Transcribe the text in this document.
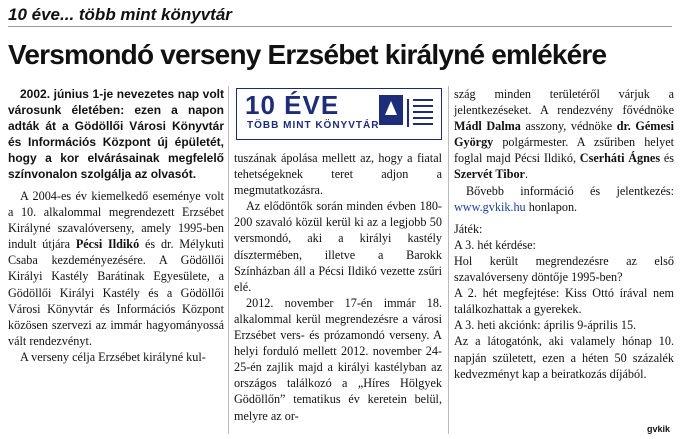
10 éve... több mint könyvtár
Versmondó verseny Erzsébet királyné emlékére

2002. június 1-je nevezetes nap volt városunk életében: ezen a napon adták át a Gödöllői Városi Könyvtár és Információs Központ új épületét, hogy a kor elvárásainak megfelelő színvonalon szolgálja az olvasót.

A 2004-es év kiemelkedő eseménye volt a 10. alkalommal megrendezett Erzsébet Királyné szavalóverseny, amely 1995-ben indult útjára Pécsi Ildikó és dr. Mélykuti Csaba kezdeményezésére. A Gödöllői Királyi Kastély Barátinak Egyesülete, a Gödöllői Királyi Kastély és a Gödöllői Városi Könyvtár és Információs Központ közösen szervezi az immár hagyományossá vált rendezvényt.

A verseny célja Erzsébet királyné kul-

10 ÉVE
TÖBB MINT KÖNYVTÁR

tuszának ápolása mellett az, hogy a fiatal tehetségeknek teret adjon a megmutatkozásra.

Az elődöntők során minden évben 180-200 szavaló közül kerül ki az a legjobb 50 versmondó, aki a királyi kastély dísztermében, illetve a Barokk Színházban áll a Pécsi Ildikó vezette zsűri elé.

2012. november 17-én immár 18. alkalommal kerül megrendezésre a városi Erzsébet vers- és prózamondó verseny. A helyi forduló mellett 2012. november 24-25-én zajlik majd a királyi kastélyban az országos találkozó a „Híres Hölgyek Gödöllőn” tematikus év keretein belül, melyre az or-

szág minden területéről várjuk a jelentkezéseket. A rendezvény fővédnöke Mádl Dalma asszony, védnöke dr. Gémesi György polgármester. A zsűriben helyet foglal majd Pécsi Ildikó, Cserháti Ágnes és Szervét Tibor.

Bővebb információ és jelentkezés: www.gvkik.hu honlapon.

Játék:

A 3. hét kérdése:

Hol került megrendezésre az első szavalóverseny döntője 1995-ben?

A 2. hét megfejtése: Kiss Ottó írával nem találkozhattak a gyerekek.

A 3. heti akciónk: április 9-április 15.

Az a látogatónk, aki valamely hónap 10. napján született, ezen a héten 50 százalék kedvezményt kap a beiratkozás díjából.

gvkik
